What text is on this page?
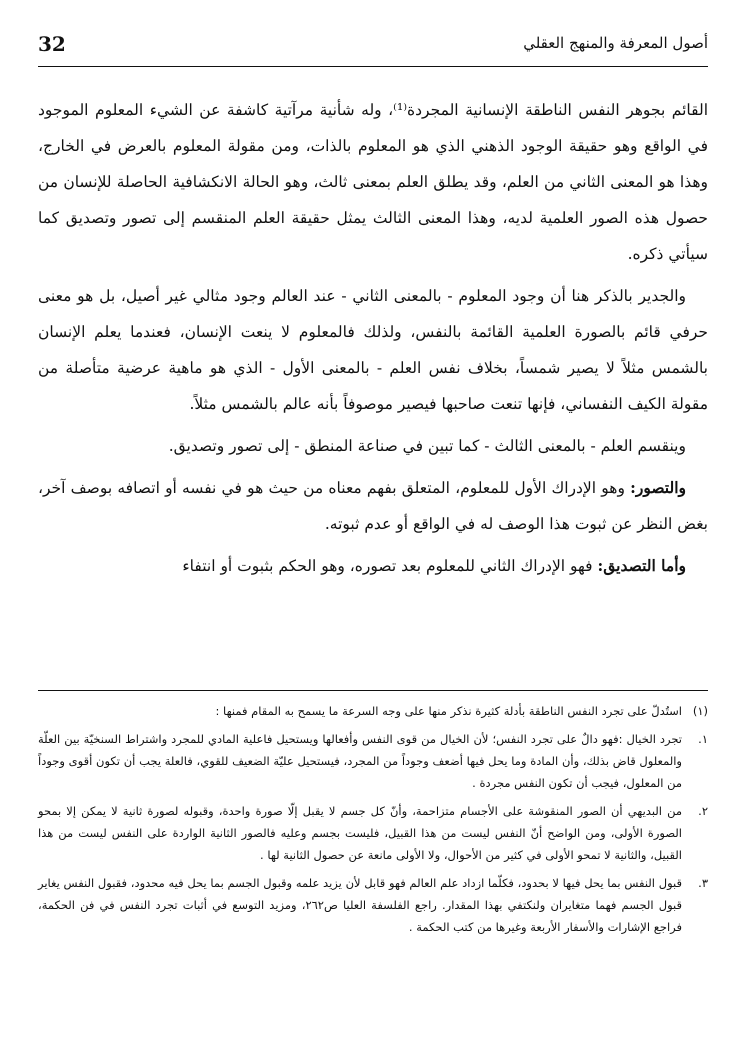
32	أصول المعرفة والمنهج العقلي

القائم بجوهر النفس الناطقة الإنسانية المجردة⁽¹⁾، وله شأنية مرآتية كاشفة عن الشيء المعلوم الموجود في الواقع وهو حقيقة الوجود الذهني الذي هو المعلوم بالذات، ومن مقولة المعلوم بالعرض في الخارج، وهذا هو المعنى الثاني من العلم، وقد يطلق العلم بمعنى ثالث، وهو الحالة الانكشافية الحاصلة للإنسان من حصول هذه الصور العلمية لديه، وهذا المعنى الثالث يمثل حقيقة العلم المنقسم إلى تصور وتصديق كما سيأتي ذكره.

والجدير بالذكر هنا أن وجود المعلوم - بالمعنى الثاني - عند العالم وجود مثالي غير أصيل، بل هو معنى حرفي قائم بالصورة العلمية القائمة بالنفس، ولذلك فالمعلوم لا ينعت الإنسان، فعندما يعلم الإنسان بالشمس مثلاً لا يصير شمساً، بخلاف نفس العلم - بالمعنى الأول - الذي هو ماهية عرضية متأصلة من مقولة الكيف النفساني، فإنها تنعت صاحبها فيصير موصوفاً بأنه عالم بالشمس مثلاً.

وينقسم العلم - بالمعنى الثالث - كما تبين في صناعة المنطق - إلى تصور وتصديق.

والتصور: وهو الإدراك الأول للمعلوم، المتعلق بفهم معناه من حيث هو في نفسه أو اتصافه بوصف آخر، بغض النظر عن ثبوت هذا الوصف له في الواقع أو عدم ثبوته.

وأما التصديق: فهو الإدراك الثاني للمعلوم بعد تصوره، وهو الحكم بثبوت أو انتفاء

(١)
استُدلّ على تجرد النفس الناطقة بأدلة كثيرة نذكر منها على وجه السرعة ما يسمح به المقام فمنها :
١.
تجرد الخيال :فهو دالٌ على تجرد النفس؛ لأن الخيال من قوى النفس وأفعالها ويستحيل فاعلية المادي للمجرد واشتراط السنخيّة بين العلّة والمعلول قاض بذلك، وأن المادة وما يحل فيها أضعف وجوداً من المجرد، فيستحيل عليّة الضعيف للقوي، فالعلة يجب أن تكون أقوى وجوداً من المعلول، فيجب أن تكون النفس مجردة .
٢.
من البديهي أن الصور المنقوشة على الأجسام متزاحمة، وأنّ كل جسم لا يقبل إلّا صورة واحدة، وقبوله لصورة ثانية لا يمكن إلا بمحو الصورة الأولى، ومن الواضح أنّ النفس ليست من هذا القبيل، فليست بجسم وعليه فالصور الثانية الواردة على النفس ليست من هذا القبيل، والثانية لا تمحو الأولى في كثير من الأحوال، ولا الأولى مانعة عن حصول الثانية لها .
٣.
قبول النفس بما يحل فيها لا بحدود، فكلّما ازداد علم العالم فهو قابل لأن يزيد علمه وقبول الجسم بما يحل فيه محدود، فقبول النفس يغاير قبول الجسم فهما متغايران ولنكتفي بهذا المقدار. راجع الفلسفة العليا ص٢٦٢، ومزيد التوسع في أثبات تجرد النفس في فن الحكمة، فراجع الإشارات والأسفار الأربعة وغيرها من كتب الحكمة .
